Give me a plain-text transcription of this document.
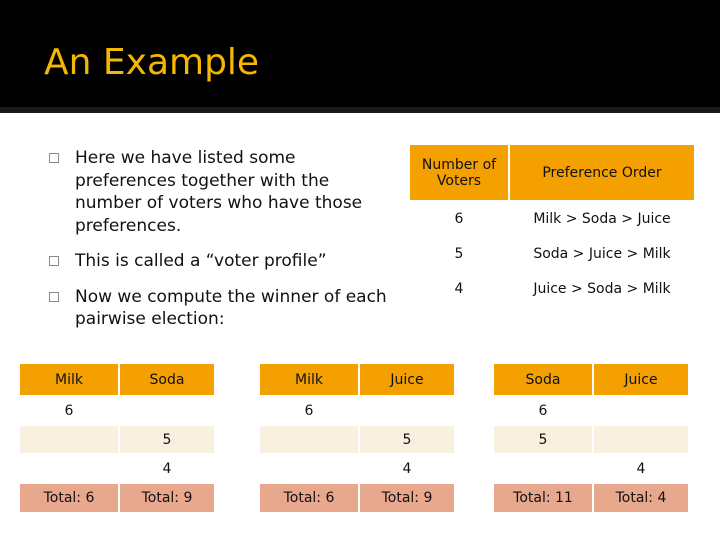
An Example
Here we have listed some preferences together with the number of voters who have those preferences.
This is called a “voter profile”
Now we compute the winner of each pairwise election:
Number of Voters	Preference Order
6	Milk > Soda > Juice
5	Soda > Juice > Milk
4	Juice > Soda > Milk
Milk	Soda
6	
	5
	4
Total: 6	Total: 9
Milk	Juice
6	
	5
	4
Total: 6	Total: 9
Soda	Juice
6	
5	
	4
Total: 11	Total: 4
